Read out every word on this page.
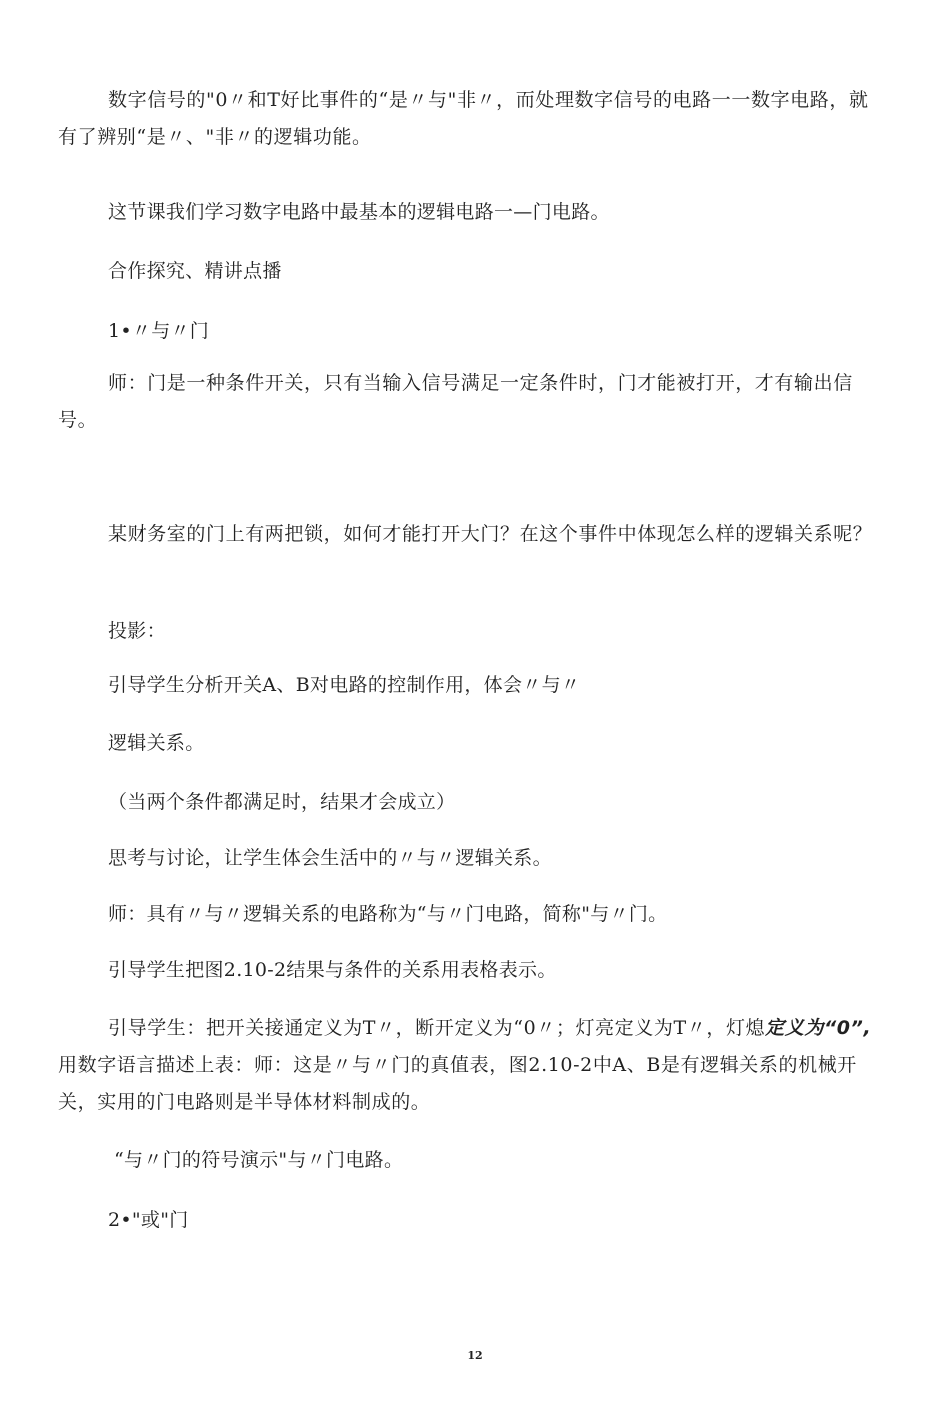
数字信号的"0〃和T好比事件的“是〃与"非〃，而处理数字信号的电路一一数字电路，就有了辨别“是〃、"非〃的逻辑功能。

这节课我们学习数字电路中最基本的逻辑电路一—门电路。

合作探究、精讲点播

1•〃与〃门

师：门是一种条件开关，只有当输入信号满足一定条件时，门才能被打开，才有输出信号。

某财务室的门上有两把锁，如何才能打开大门？在这个事件中体现怎么样的逻辑关系呢？

投影：

引导学生分析开关A、B对电路的控制作用，体会〃与〃

逻辑关系。

（当两个条件都满足时，结果才会成立）

思考与讨论，让学生体会生活中的〃与〃逻辑关系。

师：具有〃与〃逻辑关系的电路称为“与〃门电路，简称"与〃门。

引导学生把图2.10-2结果与条件的关系用表格表示。

引导学生：把开关接通定义为T〃，断开定义为“0〃；灯亮定义为T〃，灯熄定义为“0”,用数字语言描述上表：师：这是〃与〃门的真值表，图2.10-2中A、B是有逻辑关系的机械开关，实用的门电路则是半导体材料制成的。

“与〃门的符号演示"与〃门电路。

2•"或"门

12
